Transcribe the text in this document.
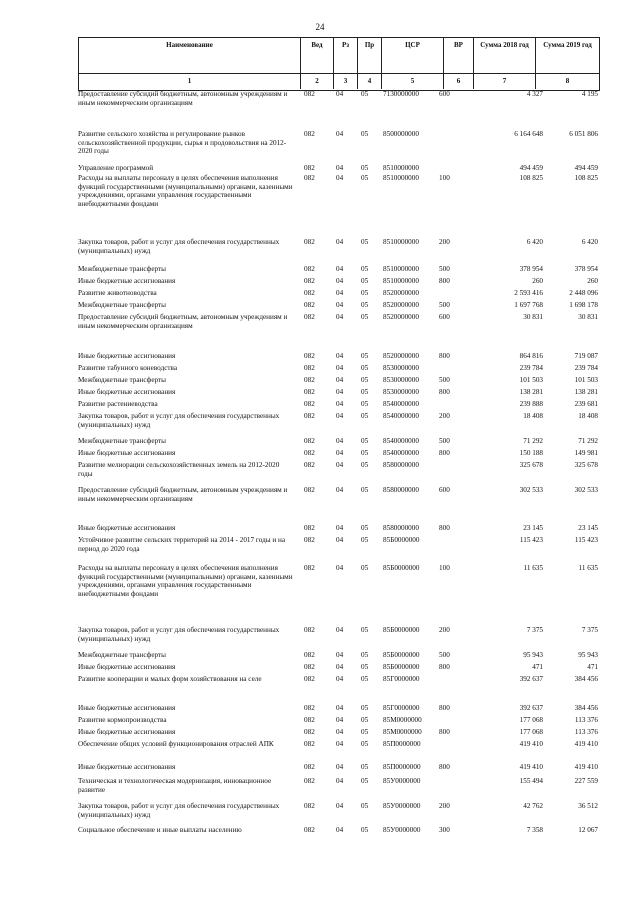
24
Наименование	Вед	Рз	Пр	ЦСР	ВР	Сумма 2018 год	Сумма 2019 год
1	2	3	4	5	6	7	8
Предоставление субсидий бюджетным, автономным учреждениям и иным некоммерческим организациям
082	04	05	7130000000	600	4 327	4 195
Развитие сельского хозяйства и регулирование рынков сельскохозяйственной продукции, сырья и продовольствия на 2012-2020 годы
082	04	05	8500000000	6 164 648	6 051 806
Управление программой	082	04	05	8510000000	494 459	494 459
Расходы на выплаты персоналу в целях обеспечения выполнения функций государственными (муниципальными) органами, казенными учреждениями, органами управления государственными внебюджетными фондами
082	04	05	8510000000	100	108 825	108 825
Закупка товаров, работ и услуг для обеспечения государственных (муниципальных) нужд
082	04	05	8510000000	200	6 420	6 420
Межбюджетные трансферты	082	04	05	8510000000	500	378 954	378 954
Иные бюджетные ассигнования	082	04	05	8510000000	800	260	260
Развитие животноводства	082	04	05	8520000000	2 593 416	2 448 096
Межбюджетные трансферты	082	04	05	8520000000	500	1 697 768	1 698 178
Предоставление субсидий бюджетным, автономным учреждениям и иным некоммерческим организациям
082	04	05	8520000000	600	30 831	30 831
Иные бюджетные ассигнования	082	04	05	8520000000	800	864 816	719 087
Развитие табунного коневодства	082	04	05	8530000000	239 784	239 784
Межбюджетные трансферты	082	04	05	8530000000	500	101 503	101 503
Иные бюджетные ассигнования	082	04	05	8530000000	800	138 281	138 281
Развитие растениеводства	082	04	05	8540000000	239 888	239 681
Закупка товаров, работ и услуг для обеспечения государственных (муниципальных) нужд
082	04	05	8540000000	200	18 408	18 408
Межбюджетные трансферты	082	04	05	8540000000	500	71 292	71 292
Иные бюджетные ассигнования	082	04	05	8540000000	800	150 188	149 981
Развитие мелиорации сельскохозяйственных земель на 2012-2020 годы
082	04	05	8580000000	325 678	325 678
Предоставление субсидий бюджетным, автономным учреждениям и иным некоммерческим организациям
082	04	05	8580000000	600	302 533	302 533
Иные бюджетные ассигнования	082	04	05	8580000000	800	23 145	23 145
Устойчивое развитие сельских территорий на 2014 - 2017 годы и на период до 2020 года
082	04	05	85Б0000000	115 423	115 423
Расходы на выплаты персоналу в целях обеспечения выполнения функций государственными (муниципальными) органами, казенными учреждениями, органами управления государственными внебюджетными фондами
082	04	05	85Б0000000	100	11 635	11 635
Закупка товаров, работ и услуг для обеспечения государственных (муниципальных) нужд
082	04	05	85Б0000000	200	7 375	7 375
Межбюджетные трансферты	082	04	05	85Б0000000	500	95 943	95 943
Иные бюджетные ассигнования	082	04	05	85Б0000000	800	471	471
Развитие кооперации и малых форм хозяйствования на селе	082	04	05	85Г0000000	392 637	384 456
Иные бюджетные ассигнования	082	04	05	85Г0000000	800	392 637	384 456
Развитие кормопроизводства	082	04	05	85М0000000	177 068	113 376
Иные бюджетные ассигнования	082	04	05	85М0000000	800	177 068	113 376
Обеспечение общих условий функционирования отраслей АПК	082	04	05	85П0000000	419 410	419 410
Иные бюджетные ассигнования	082	04	05	85П0000000	800	419 410	419 410
Техническая и технологическая модернизация, инновационное развитие
082	04	05	85У0000000	155 494	227 559
Закупка товаров, работ и услуг для обеспечения государственных (муниципальных) нужд
082	04	05	85У0000000	200	42 762	36 512
Социальное обеспечение и иные выплаты населению	082	04	05	85У0000000	300	7 358	12 067
